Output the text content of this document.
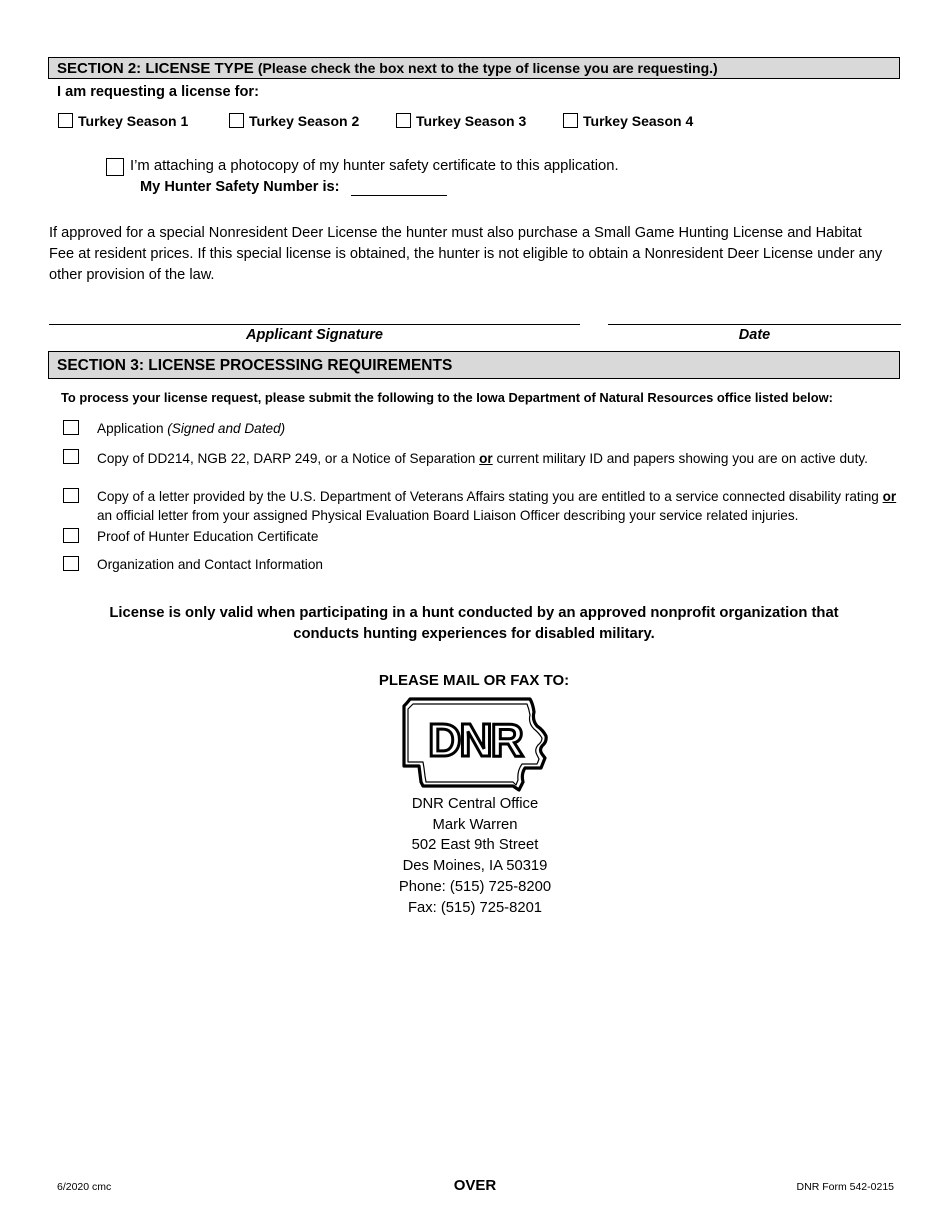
SECTION 2: LICENSE TYPE (Please check the box next to the type of license you are requesting.)
I am requesting a license for:
Turkey Season 1	Turkey Season 2	Turkey Season 3	Turkey Season 4
I’m attaching a photocopy of my hunter safety certificate to this application.
My Hunter Safety Number is:
If approved for a special Nonresident Deer License the hunter must also purchase a Small Game Hunting License and Habitat Fee at resident prices. If this special license is obtained, the hunter is not eligible to obtain a Nonresident Deer License under any other provision of the law.
Applicant Signature	Date
SECTION 3: LICENSE PROCESSING REQUIREMENTS
To process your license request, please submit the following to the Iowa Department of Natural Resources office listed below:
Application (Signed and Dated)
Copy of DD214, NGB 22, DARP 249, or a Notice of Separation or current military ID and papers showing you are on active duty.
Copy of a letter provided by the U.S. Department of Veterans Affairs stating you are entitled to a service connected disability rating or an official letter from your assigned Physical Evaluation Board Liaison Officer describing your service related injuries.
Proof of Hunter Education Certificate
Organization and Contact Information
License is only valid when participating in a hunt conducted by an approved nonprofit organization that conducts hunting experiences for disabled military.
PLEASE MAIL OR FAX TO:
DNR
DNR Central Office
Mark Warren
502 East 9th Street
Des Moines, IA 50319
Phone: (515) 725-8200
Fax: (515) 725-8201
6/2020 cmc	OVER	DNR Form 542-0215
